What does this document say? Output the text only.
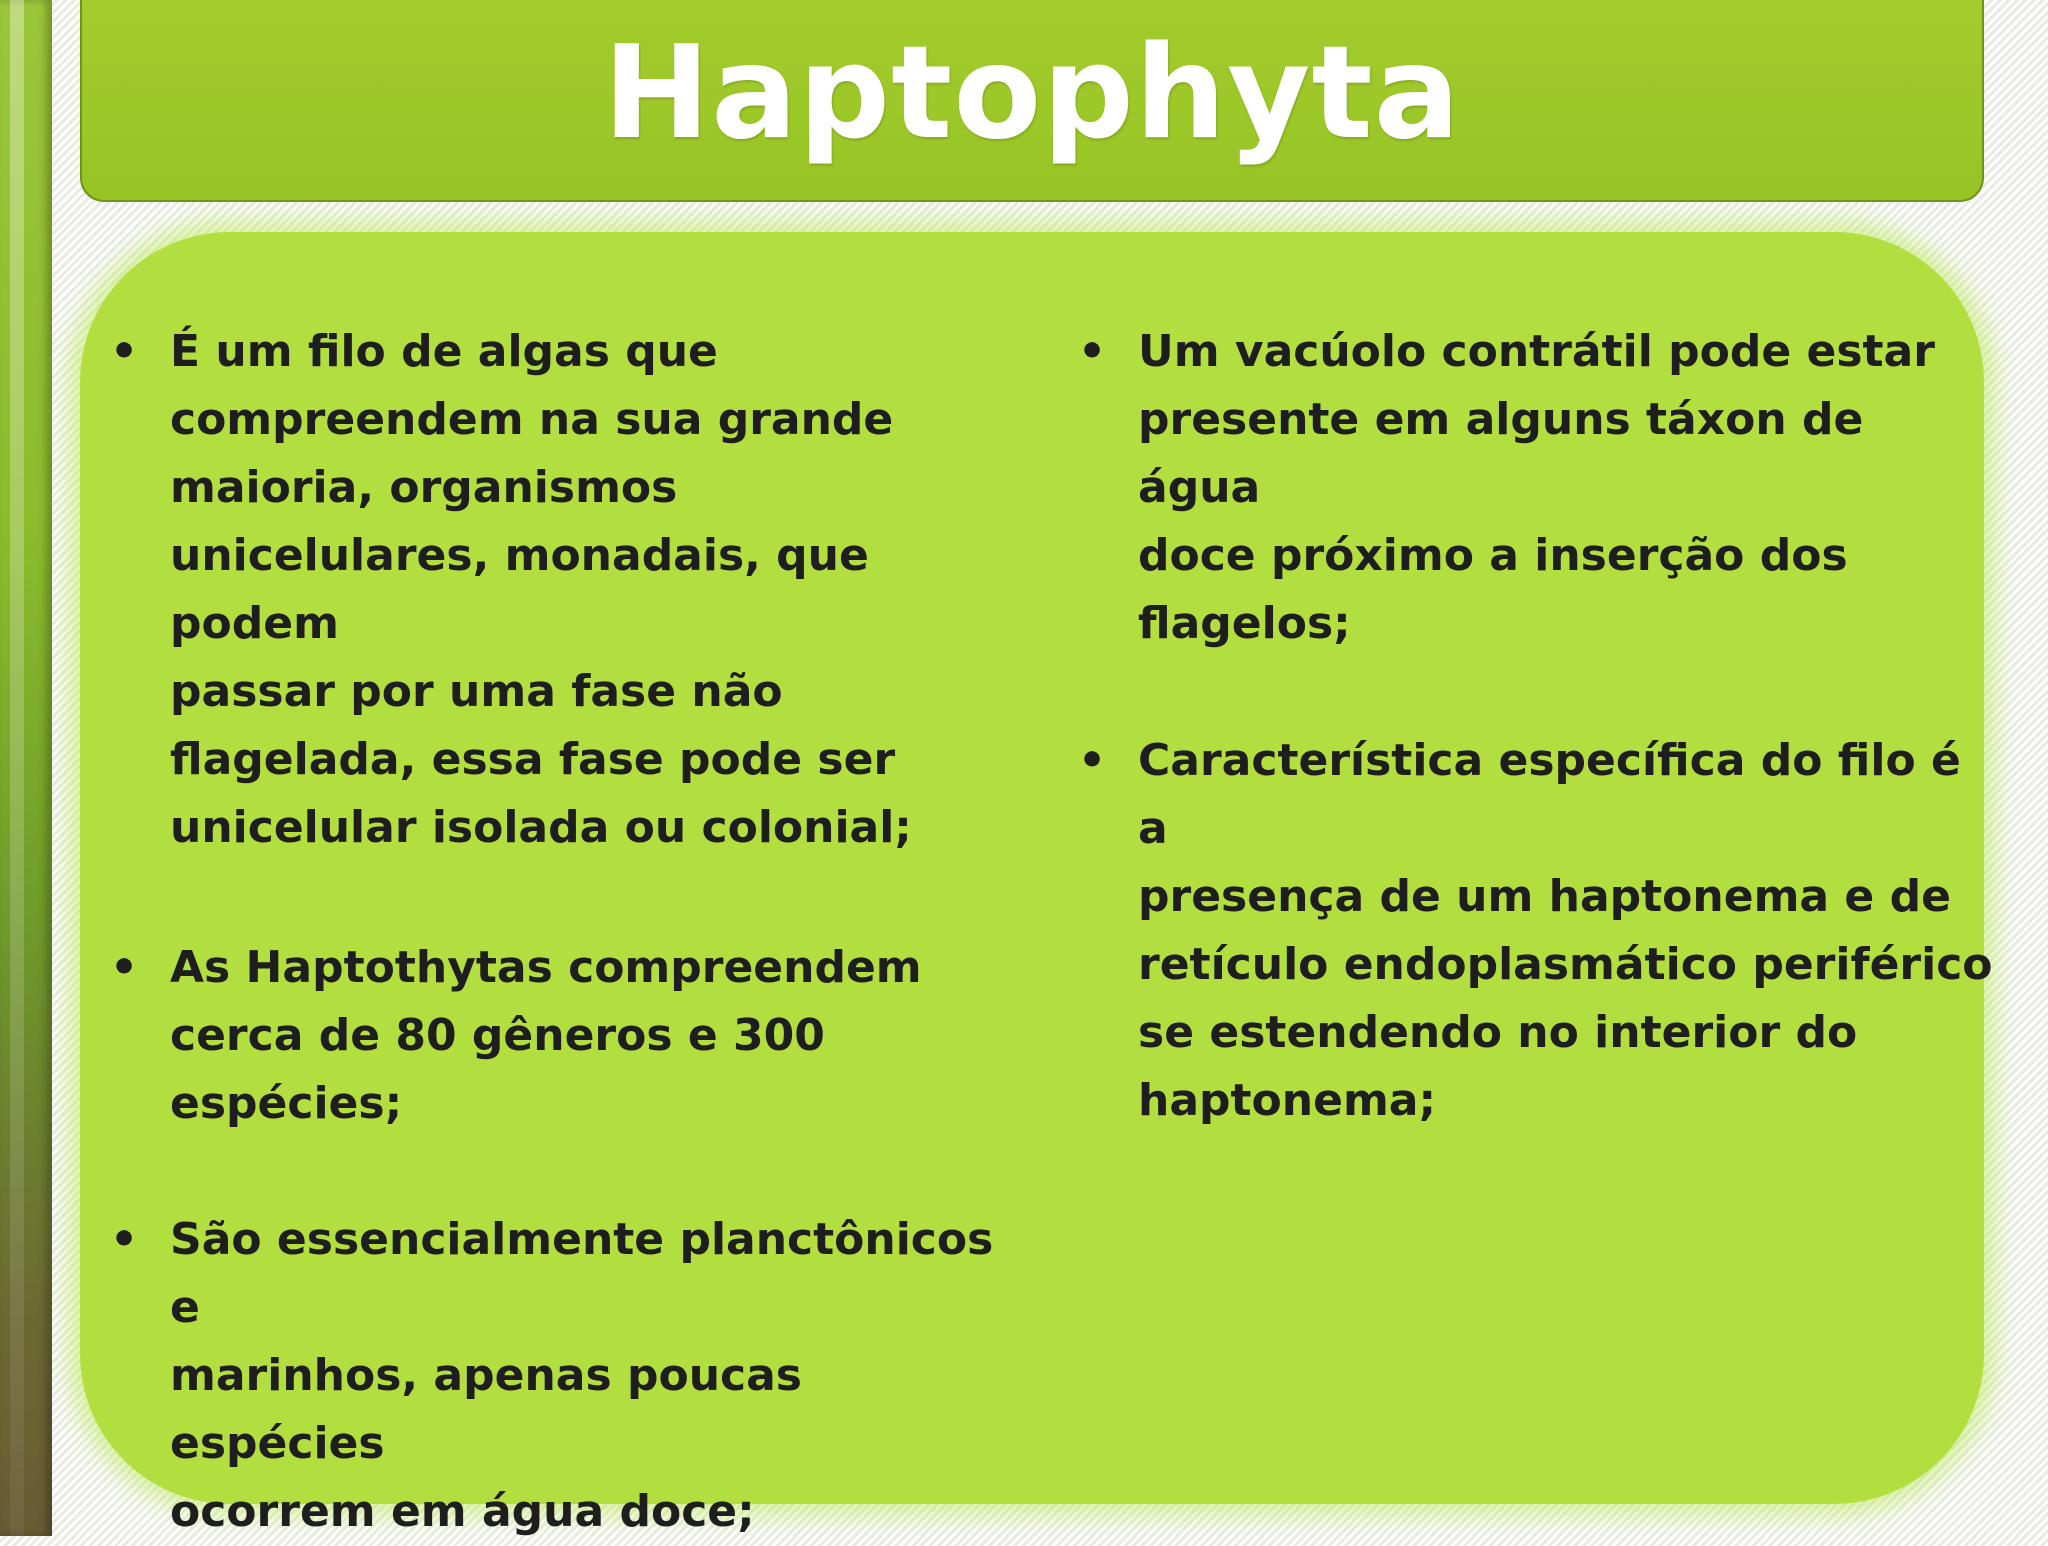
Haptophyta
• É um filo de algas que
compreendem na sua grande
maioria, organismos
unicelulares, monadais, que podem
passar por uma fase não
flagelada, essa fase pode ser
unicelular isolada ou colonial;
• As Haptothytas compreendem
cerca de 80 gêneros e 300 espécies;
• São essencialmente planctônicos e
marinhos, apenas poucas espécies
ocorrem em água doce;
• Um vacúolo contrátil pode estar
presente em alguns táxon de água
doce próximo a inserção dos
flagelos;
• Característica específica do filo é a
presença de um haptonema e de
retículo endoplasmático periférico
se estendendo no interior do
haptonema;
